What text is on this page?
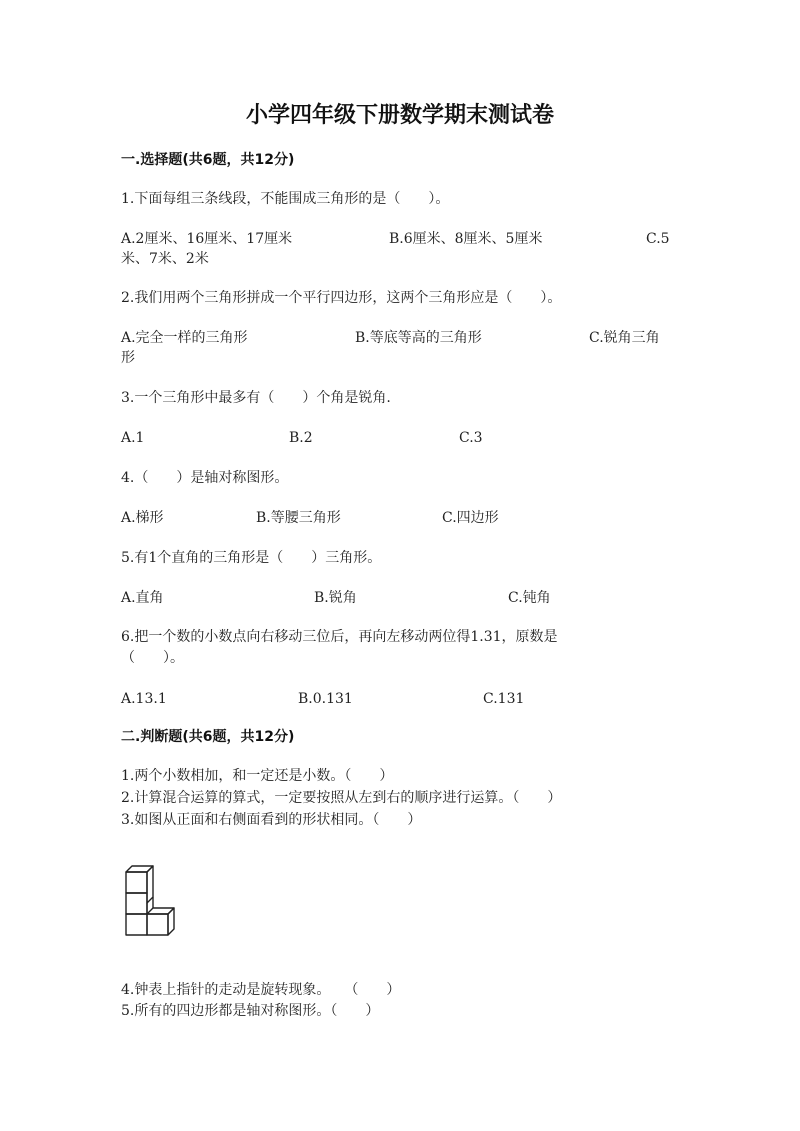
小学四年级下册数学期末测试卷
一.选择题(共6题，共12分)
1.下面每组三条线段，不能围成三角形的是（　　）。
A.2厘米、16厘米、17厘米	B.6厘米、8厘米、5厘米	C.5
米、7米、2米
2.我们用两个三角形拼成一个平行四边形，这两个三角形应是（　　）。
A.完全一样的三角形	B.等底等高的三角形	C.锐角三角
形
3.一个三角形中最多有（　　）个角是锐角.
A.1	B.2	C.3
4.（　　）是轴对称图形。
A.梯形	B.等腰三角形	C.四边形
5.有1个直角的三角形是（　　）三角形。
A.直角	B.锐角	C.钝角
6.把一个数的小数点向右移动三位后，再向左移动两位得1.31，原数是
（　　）。
A.13.1	B.0.131	C.131
二.判断题(共6题，共12分)
1.两个小数相加，和一定还是小数。（　　）
2.计算混合运算的算式，一定要按照从左到右的顺序进行运算。（　　）
3.如图从正面和右侧面看到的形状相同。（　　）
4.钟表上指针的走动是旋转现象。　　（　　）
5.所有的四边形都是轴对称图形。（　　）
